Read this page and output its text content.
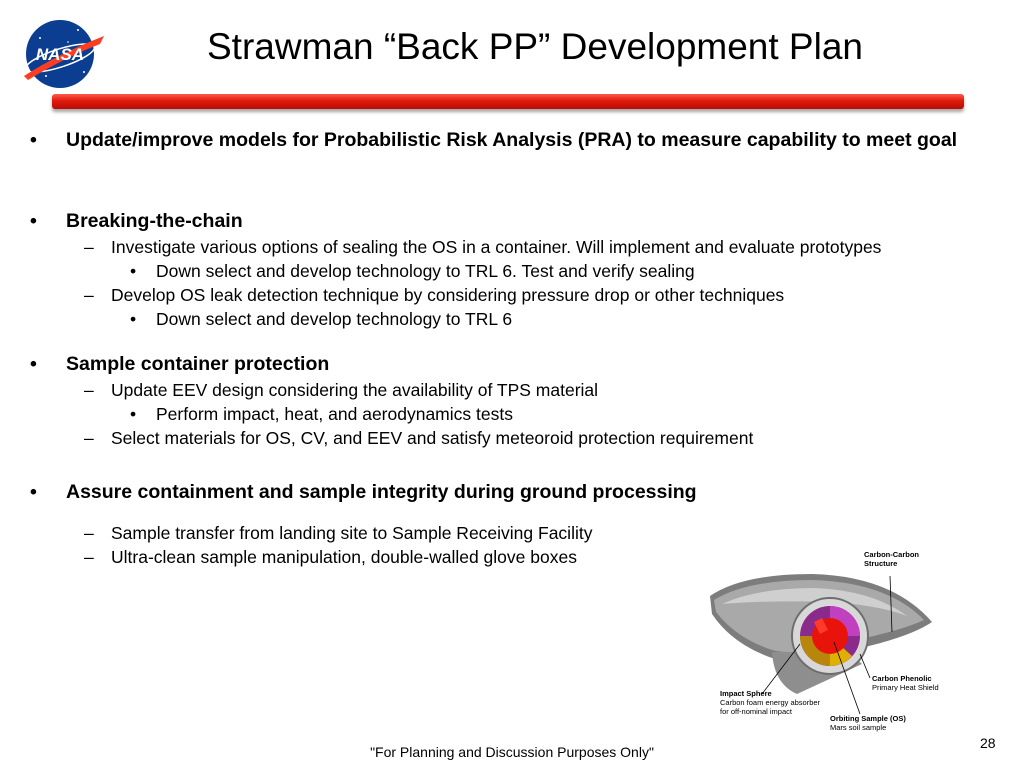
NASA	Strawman “Back PP” Development Plan
• Update/improve models for Probabilistic Risk Analysis (PRA) to measure capability to meet goal
• Breaking-the-chain
– Investigate various options of sealing the OS in a container. Will implement and evaluate prototypes
• Down select and develop technology to TRL 6. Test and verify sealing
– Develop OS leak detection technique by considering pressure drop or other techniques
• Down select and develop technology to TRL 6
• Sample container protection
– Update EEV design considering the availability of TPS material
• Perform impact, heat, and aerodynamics tests
– Select materials for OS, CV, and EEV and satisfy meteoroid protection requirement
• Assure containment and sample integrity during ground processing
– Sample transfer from landing site to Sample Receiving Facility
– Ultra-clean sample manipulation, double-walled glove boxes	Carbon-Carbon
Structure
Carbon Phenolic
Primary Heat Shield
Impact Sphere
Carbon foam energy absorber
for off-nominal impact
Orbiting Sample (OS)
Mars soil sample
28
"For Planning and Discussion Purposes Only"
